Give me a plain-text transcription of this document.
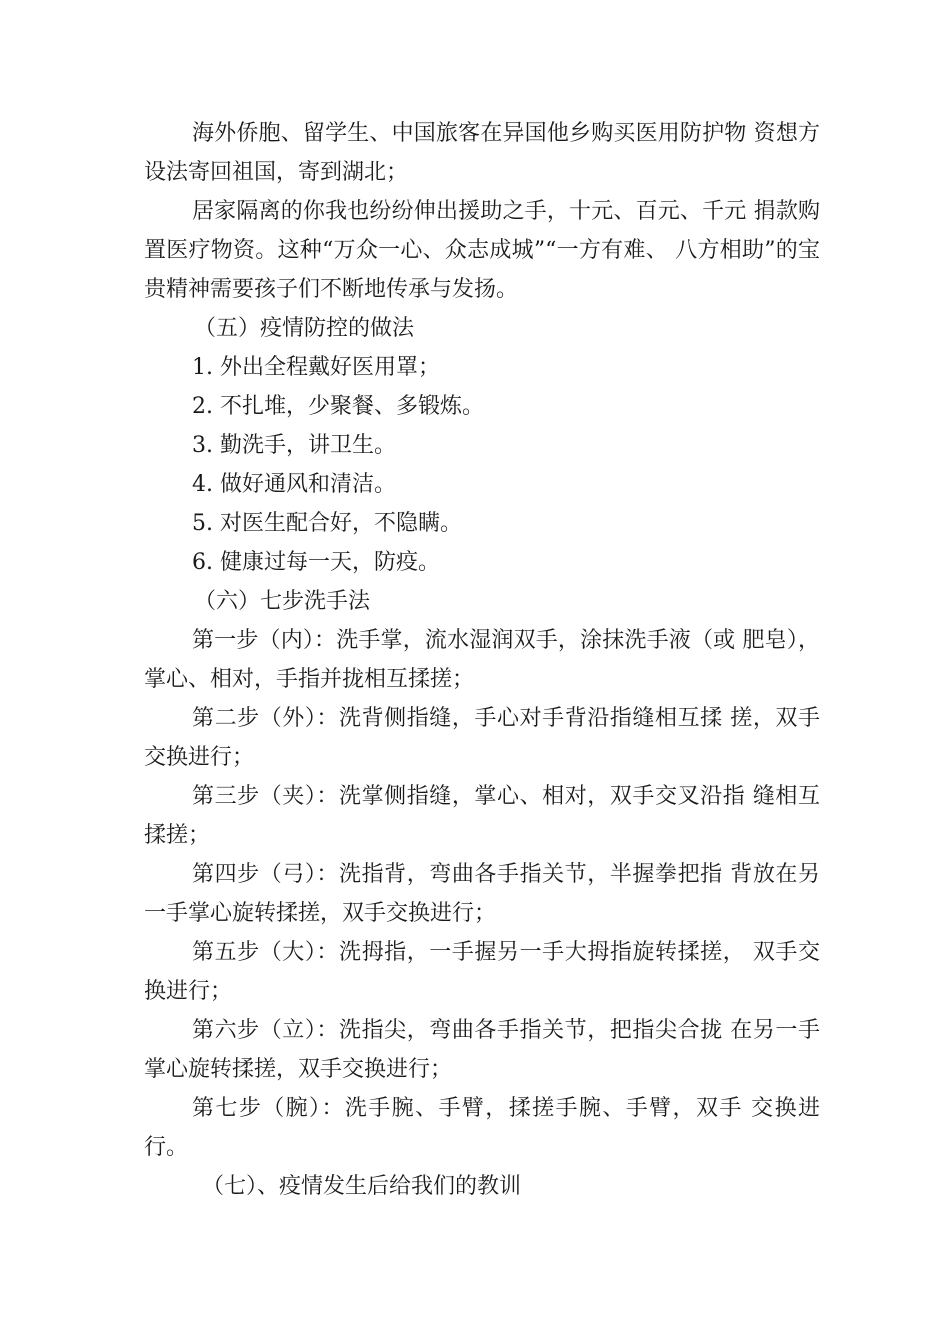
海外侨胞、留学生、中国旅客在异国他乡购买医用防护物 资想方设法寄回祖国，寄到湖北；

居家隔离的你我也纷纷伸出援助之手，十元、百元、千元 捐款购置医疗物资。这种“万众一心、众志成城”“一方有难、 八方相助”的宝贵精神需要孩子们不断地传承与发扬。

（五）疫情防控的做法

1. 外出全程戴好医用罩；

2. 不扎堆，少聚餐、多锻炼。

3. 勤洗手，讲卫生。

4. 做好通风和清洁。

5. 对医生配合好，不隐瞒。

6. 健康过每一天，防疫。

（六）七步洗手法

第一步（内）：洗手掌，流水湿润双手，涂抹洗手液（或 肥皂），掌心、相对，手指并拢相互揉搓；

第二步（外）：洗背侧指缝，手心对手背沿指缝相互揉 搓，双手交换进行；

第三步（夹）：洗掌侧指缝，掌心、相对，双手交叉沿指 缝相互揉搓；

第四步（弓）：洗指背，弯曲各手指关节，半握拳把指 背放在另一手掌心旋转揉搓，双手交换进行；

第五步（大）：洗拇指，一手握另一手大拇指旋转揉搓， 双手交换进行；

第六步（立）：洗指尖，弯曲各手指关节，把指尖合拢 在另一手掌心旋转揉搓，双手交换进行；

第七步（腕）：洗手腕、手臂，揉搓手腕、手臂，双手 交换进行。

（七）、疫情发生后给我们的教训
